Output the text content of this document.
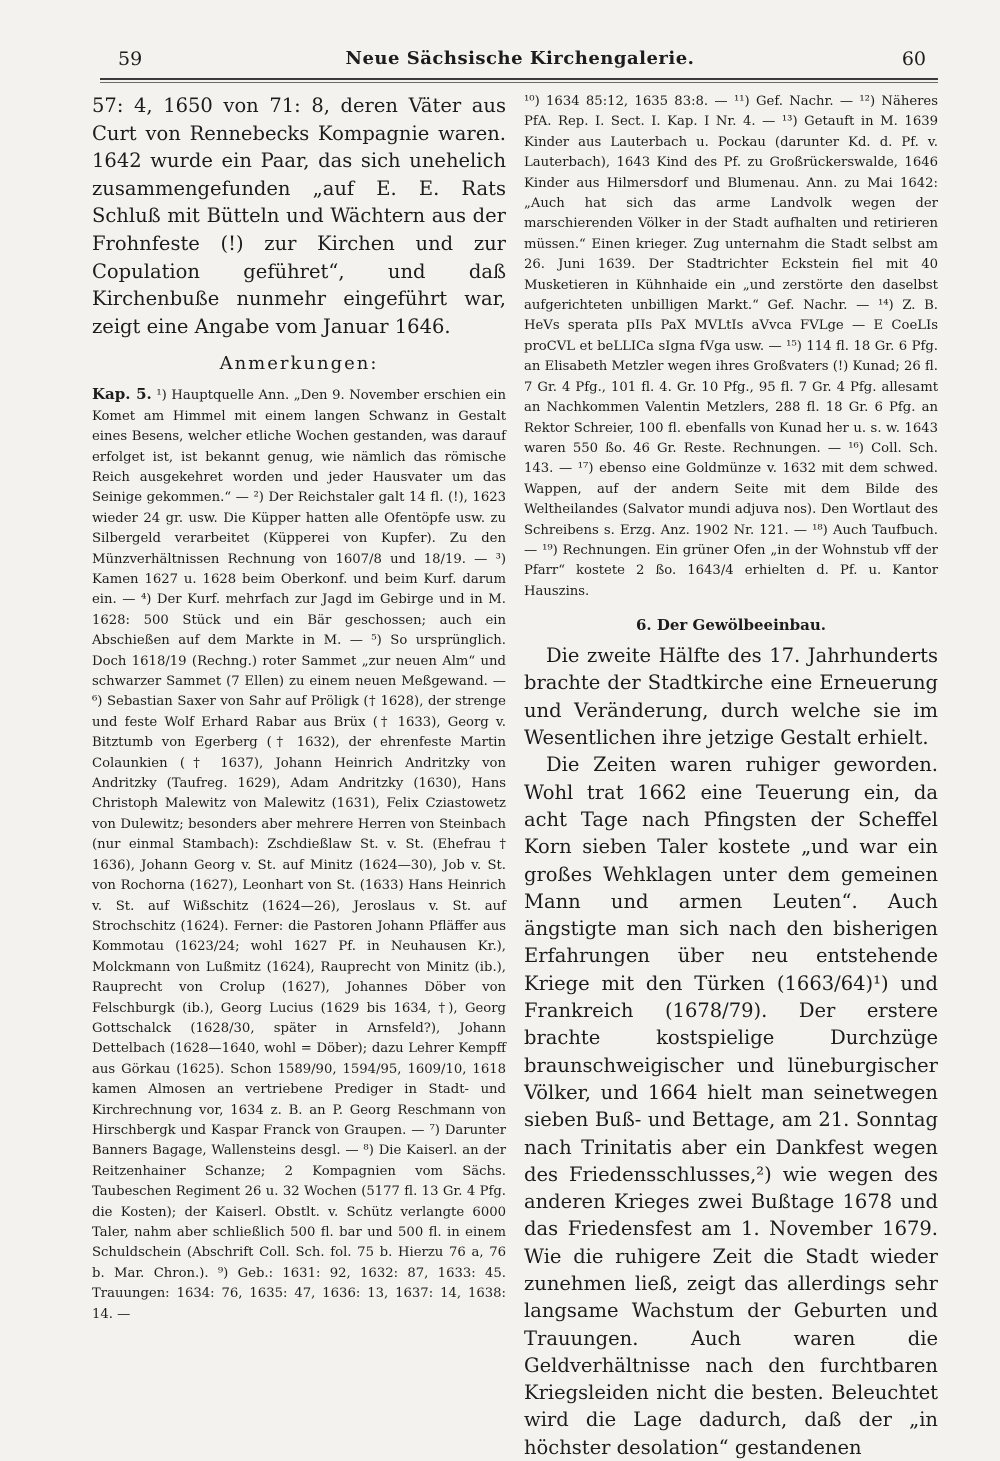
59	Neue Sächsische Kirchengalerie.	60

57: 4, 1650 von 71: 8, deren Väter aus Curt von Rennebecks Kompagnie waren. 1642 wurde ein Paar, das sich unehelich zusammengefunden „auf E. E. Rats Schluß mit Bütteln und Wächtern aus der Frohnfeste (!) zur Kirchen und zur Copulation geführet“, und daß Kirchenbuße nunmehr eingeführt war, zeigt eine Angabe vom Januar 1646.

Anmerkungen:

Kap. 5. ¹) Hauptquelle Ann. „Den 9. November erschien ein Komet am Himmel mit einem langen Schwanz in Gestalt eines Besens, welcher etliche Wochen gestanden, was darauf erfolget ist, ist bekannt genug, wie nämlich das römische Reich ausgekehret worden und jeder Hausvater um das Seinige gekommen.“ — ²) Der Reichstaler galt 14 fl. (!), 1623 wieder 24 gr. usw. Die Küpper hatten alle Ofentöpfe usw. zu Silbergeld verarbeitet (Küpperei von Kupfer). Zu den Münzverhältnissen Rechnung von 1607/8 und 18/19. — ³) Kamen 1627 u. 1628 beim Oberkonf. und beim Kurf. darum ein. — ⁴) Der Kurf. mehrfach zur Jagd im Gebirge und in M. 1628: 500 Stück und ein Bär geschossen; auch ein Abschießen auf dem Markte in M. — ⁵) So ursprünglich. Doch 1618/19 (Rechng.) roter Sammet „zur neuen Alm“ und schwarzer Sammet (7 Ellen) zu einem neuen Meßgewand. — ⁶) Sebastian Saxer von Sahr auf Pröligk († 1628), der strenge und feste Wolf Erhard Rabar aus Brüx († 1633), Georg v. Bitztumb von Egerberg († 1632), der ehrenfeste Martin Colaunkien († 1637), Johann Heinrich Andritzky von Andritzky (Taufreg. 1629), Adam Andritzky (1630), Hans Christoph Malewitz von Malewitz (1631), Felix Cziastowetz von Dulewitz; besonders aber mehrere Herren von Steinbach (nur einmal Stambach): Zschdießlaw St. v. St. (Ehefrau † 1636), Johann Georg v. St. auf Minitz (1624—30), Job v. St. von Rochorna (1627), Leonhart von St. (1633) Hans Heinrich v. St. auf Wißschitz (1624—26), Jeroslaus v. St. auf Strochschitz (1624). Ferner: die Pastoren Johann Pfläffer aus Kommotau (1623/24; wohl 1627 Pf. in Neuhausen Kr.), Molckmann von Lußmitz (1624), Rauprecht von Minitz (ib.), Rauprecht von Crolup (1627), Johannes Döber von Felschburgk (ib.), Georg Lucius (1629 bis 1634, †), Georg Gottschalck (1628/30, später in Arnsfeld?), Johann Dettelbach (1628—1640, wohl = Döber); dazu Lehrer Kempff aus Görkau (1625). Schon 1589/90, 1594/95, 1609/10, 1618 kamen Almosen an vertriebene Prediger in Stadt- und Kirchrechnung vor, 1634 z. B. an P. Georg Reschmann von Hirschbergk und Kaspar Franck von Graupen. — ⁷) Darunter Banners Bagage, Wallensteins desgl. — ⁸) Die Kaiserl. an der Reitzenhainer Schanze; 2 Kompagnien vom Sächs. Taubeschen Regiment 26 u. 32 Wochen (5177 fl. 13 Gr. 4 Pfg. die Kosten); der Kaiserl. Obstlt. v. Schütz verlangte 6000 Taler, nahm aber schließlich 500 fl. bar und 500 fl. in einem Schuldschein (Abschrift Coll. Sch. fol. 75 b. Hierzu 76 a, 76 b. Mar. Chron.). ⁹) Geb.: 1631: 92, 1632: 87, 1633: 45. Trauungen: 1634: 76, 1635: 47, 1636: 13, 1637: 14, 1638: 14. —

¹⁰) 1634 85:12, 1635 83:8. — ¹¹) Gef. Nachr. — ¹²) Näheres PfA. Rep. I. Sect. I. Kap. I Nr. 4. — ¹³) Getauft in M. 1639 Kinder aus Lauterbach u. Pockau (darunter Kd. d. Pf. v. Lauterbach), 1643 Kind des Pf. zu Großrückerswalde, 1646 Kinder aus Hilmersdorf und Blumenau. Ann. zu Mai 1642: „Auch hat sich das arme Landvolk wegen der marschierenden Völker in der Stadt aufhalten und retirieren müssen.“ Einen krieger. Zug unternahm die Stadt selbst am 26. Juni 1639. Der Stadtrichter Eckstein fiel mit 40 Musketieren in Kühnhaide ein „und zerstörte den daselbst aufgerichteten unbilligen Markt.“ Gef. Nachr. — ¹⁴) Z. B. HeVs sperata pIIs PaX MVLtIs aVvca FVLge — E CoeLIs proCVL et beLLICa sIgna fVga usw. — ¹⁵) 114 fl. 18 Gr. 6 Pfg. an Elisabeth Metzler wegen ihres Großvaters (!) Kunad; 26 fl. 7 Gr. 4 Pfg., 101 fl. 4. Gr. 10 Pfg., 95 fl. 7 Gr. 4 Pfg. allesamt an Nachkommen Valentin Metzlers, 288 fl. 18 Gr. 6 Pfg. an Rektor Schreier, 100 fl. ebenfalls von Kunad her u. s. w. 1643 waren 550 ßo. 46 Gr. Reste. Rechnungen. — ¹⁶) Coll. Sch. 143. — ¹⁷) ebenso eine Goldmünze v. 1632 mit dem schwed. Wappen, auf der andern Seite mit dem Bilde des Weltheilandes (Salvator mundi adjuva nos). Den Wortlaut des Schreibens s. Erzg. Anz. 1902 Nr. 121. — ¹⁸) Auch Taufbuch. — ¹⁹) Rechnungen. Ein grüner Ofen „in der Wohnstub vff der Pfarr“ kostete 2 ßo. 1643/4 erhielten d. Pf. u. Kantor Hauszins.

6. Der Gewölbeeinbau.

Die zweite Hälfte des 17. Jahrhunderts brachte der Stadtkirche eine Erneuerung und Veränderung, durch welche sie im Wesentlichen ihre jetzige Gestalt erhielt.

Die Zeiten waren ruhiger geworden. Wohl trat 1662 eine Teuerung ein, da acht Tage nach Pfingsten der Scheffel Korn sieben Taler kostete „und war ein großes Wehklagen unter dem gemeinen Mann und armen Leuten“. Auch ängstigte man sich nach den bisherigen Erfahrungen über neu entstehende Kriege mit den Türken (1663/64)¹) und Frankreich (1678/79). Der erstere brachte kostspielige Durchzüge braunschweigischer und lüneburgischer Völker, und 1664 hielt man seinetwegen sieben Buß- und Bettage, am 21. Sonntag nach Trinitatis aber ein Dankfest wegen des Friedensschlusses,²) wie wegen des anderen Krieges zwei Bußtage 1678 und das Friedensfest am 1. November 1679. Wie die ruhigere Zeit die Stadt wieder zunehmen ließ, zeigt das allerdings sehr langsame Wachstum der Geburten und Trauungen. Auch waren die Geldverhältnisse nach den furchtbaren Kriegsleiden nicht die besten. Beleuchtet wird die Lage dadurch, daß der „in höchster desolation“ gestandenen
